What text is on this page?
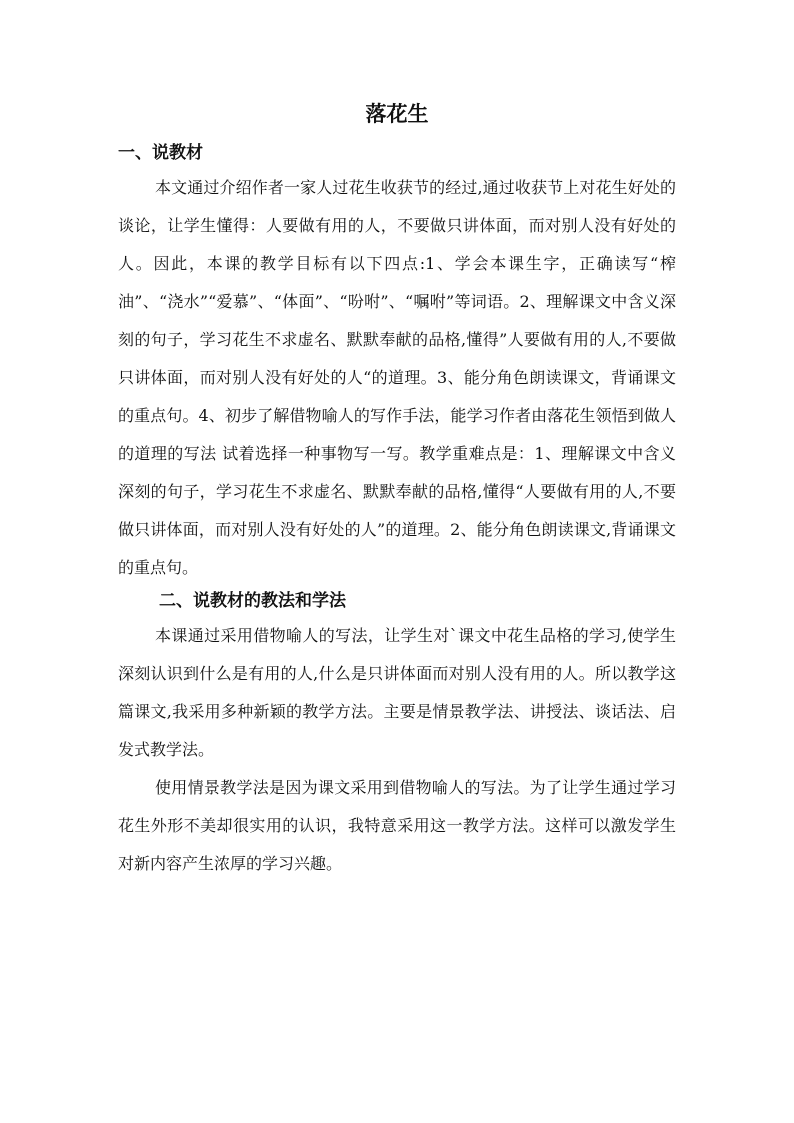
落花生
一、说教材

本文通过介绍作者一家人过花生收获节的经过,通过收获节上对花生好处的谈论，让学生懂得：人要做有用的人，不要做只讲体面，而对别人没有好处的人。因此，本课的教学目标有以下四点:1、学会本课生字，正确读写“榨油”、“浇水”“爱慕”、“体面”、“吩咐”、“嘱咐”等词语。2、理解课文中含义深刻的句子，学习花生不求虚名、默默奉献的品格,懂得”人要做有用的人,不要做只讲体面，而对别人没有好处的人“的道理。3、能分角色朗读课文，背诵课文的重点句。4、初步了解借物喻人的写作手法，能学习作者由落花生领悟到做人的道理的写法 试着选择一种事物写一写。教学重难点是：1、理解课文中含义深刻的句子，学习花生不求虚名、默默奉献的品格,懂得“人要做有用的人,不要做只讲体面，而对别人没有好处的人”的道理。2、能分角色朗读课文,背诵课文的重点句。

二、说教材的教法和学法

本课通过采用借物喻人的写法，让学生对`课文中花生品格的学习,使学生深刻认识到什么是有用的人,什么是只讲体面而对别人没有用的人。所以教学这篇课文,我采用多种新颖的教学方法。主要是情景教学法、讲授法、谈话法、启发式教学法。

使用情景教学法是因为课文采用到借物喻人的写法。为了让学生通过学习花生外形不美却很实用的认识，我特意采用这一教学方法。这样可以激发学生对新内容产生浓厚的学习兴趣。
